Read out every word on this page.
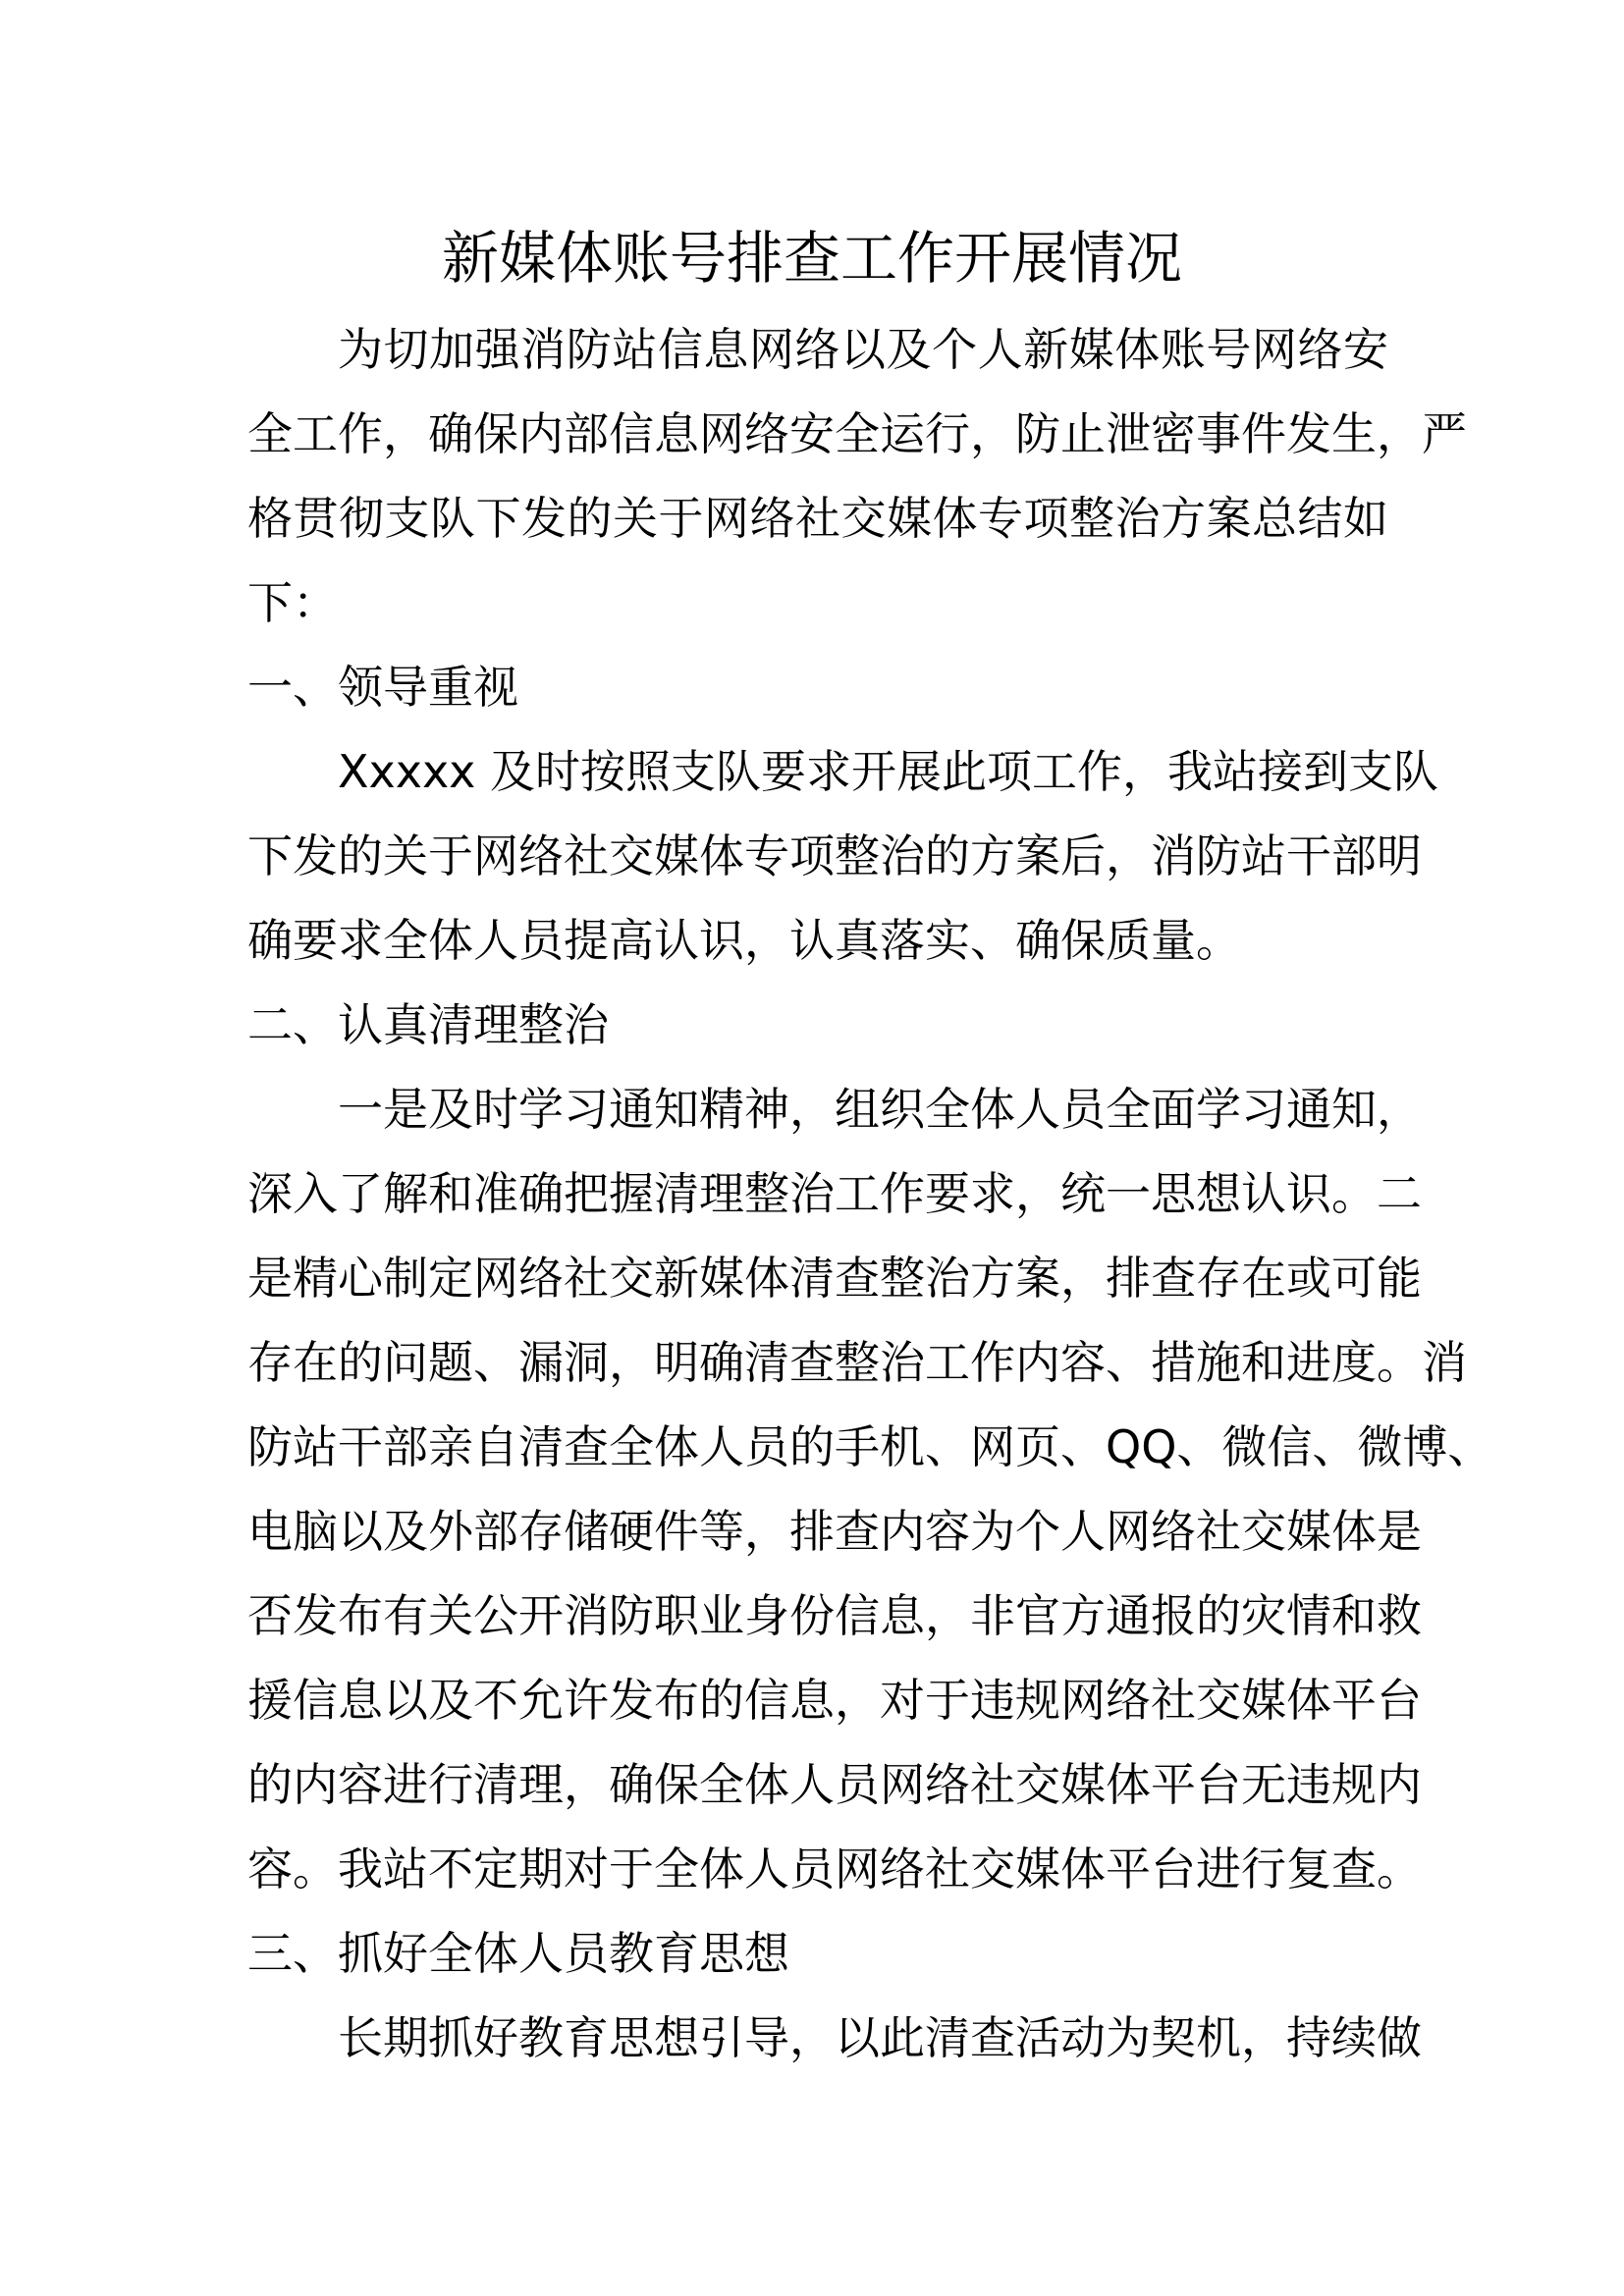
新媒体账号排查工作开展情况
为切加强消防站信息网络以及个人新媒体账号网络安
全工作，确保内部信息网络安全运行，防止泄密事件发生，严
格贯彻支队下发的关于网络社交媒体专项整治方案总结如
下：
一、领导重视
Xxxxx 及时按照支队要求开展此项工作，我站接到支队
下发的关于网络社交媒体专项整治的方案后，消防站干部明
确要求全体人员提高认识，认真落实、确保质量。
二、认真清理整治
一是及时学习通知精神，组织全体人员全面学习通知，
深入了解和准确把握清理整治工作要求，统一思想认识。二
是精心制定网络社交新媒体清查整治方案，排查存在或可能
存在的问题、漏洞，明确清查整治工作内容、措施和进度。消
防站干部亲自清查全体人员的手机、网页、QQ、微信、微博、
电脑以及外部存储硬件等，排查内容为个人网络社交媒体是
否发布有关公开消防职业身份信息，非官方通报的灾情和救
援信息以及不允许发布的信息，对于违规网络社交媒体平台
的内容进行清理，确保全体人员网络社交媒体平台无违规内
容。我站不定期对于全体人员网络社交媒体平台进行复查。
三、抓好全体人员教育思想
长期抓好教育思想引导，以此清查活动为契机，持续做
